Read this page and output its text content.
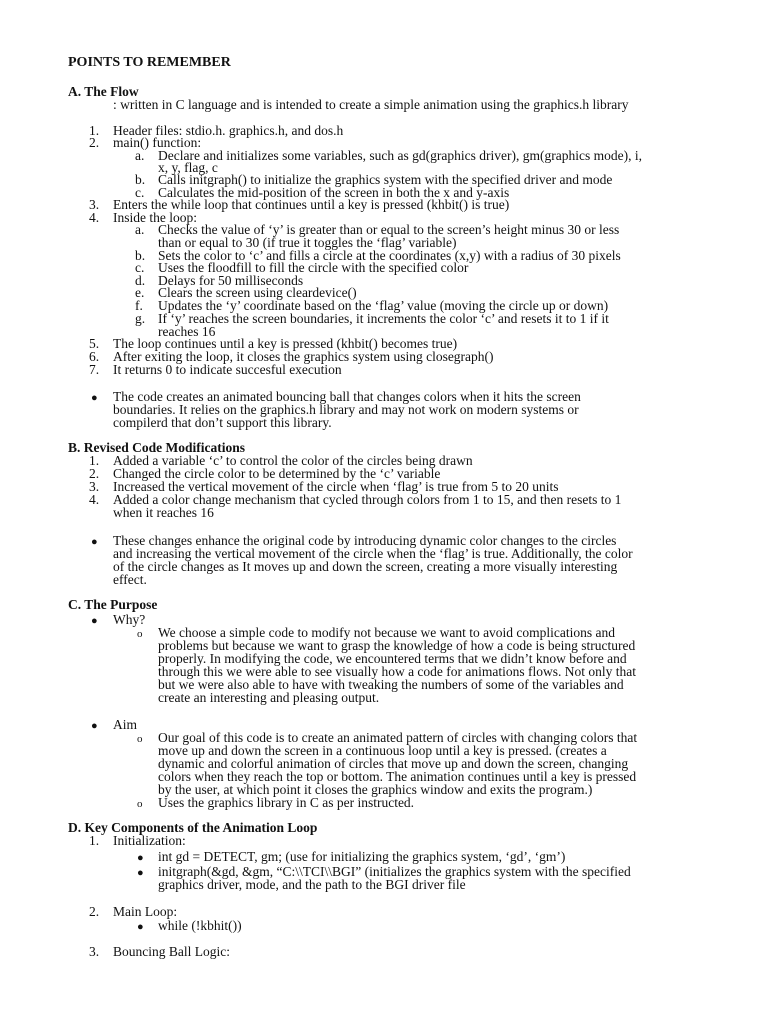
POINTS TO REMEMBER
A. The Flow
: written in C language and is intended to create a simple animation using the graphics.h library
1. Header files: stdio.h. graphics.h, and dos.h
2. main() function:
a. Declare and initializes some variables, such as gd(graphics driver), gm(graphics mode), i,
x, y, flag, c
b. Calls initgraph() to initialize the graphics system with the specified driver and mode
c. Calculates the mid-position of the screen in both the x and y-axis
3. Enters the while loop that continues until a key is pressed (khbit() is true)
4. Inside the loop:
a. Checks the value of ‘y’ is greater than or equal to the screen’s height minus 30 or less
than or equal to 30 (if true it toggles the ‘flag’ variable)
b. Sets the color to ‘c’ and fills a circle at the coordinates (x,y) with a radius of 30 pixels
c. Uses the floodfill to fill the circle with the specified color
d. Delays for 50 milliseconds
e. Clears the screen using cleardevice()
f. Updates the ‘y’ coordinate based on the ‘flag’ value (moving the circle up or down)
g. If ‘y’ reaches the screen boundaries, it increments the color ‘c’ and resets it to 1 if it
reaches 16
5. The loop continues until a key is pressed (khbit() becomes true)
6. After exiting the loop, it closes the graphics system using closegraph()
7. It returns 0 to indicate succesful execution
● The code creates an animated bouncing ball that changes colors when it hits the screen
boundaries. It relies on the graphics.h library and may not work on modern systems or
compilerd that don’t support this library.
B. Revised Code Modifications
1. Added a variable ‘c’ to control the color of the circles being drawn
2. Changed the circle color to be determined by the ‘c’ variable
3. Increased the vertical movement of the circle when ‘flag’ is true from 5 to 20 units
4. Added a color change mechanism that cycled through colors from 1 to 15, and then resets to 1
when it reaches 16
● These changes enhance the original code by introducing dynamic color changes to the circles
and increasing the vertical movement of the circle when the ‘flag’ is true. Additionally, the color
of the circle changes as It moves up and down the screen, creating a more visually interesting
effect.
C. The Purpose
● Why?
o We choose a simple code to modify not because we want to avoid complications and
problems but because we want to grasp the knowledge of how a code is being structured
properly. In modifying the code, we encountered terms that we didn’t know before and
through this we were able to see visually how a code for animations flows. Not only that
but we were also able to have with tweaking the numbers of some of the variables and
create an interesting and pleasing output.
● Aim
o Our goal of this code is to create an animated pattern of circles with changing colors that
move up and down the screen in a continuous loop until a key is pressed. (creates a
dynamic and colorful animation of circles that move up and down the screen, changing
colors when they reach the top or bottom. The animation continues until a key is pressed
by the user, at which point it closes the graphics window and exits the program.)
o Uses the graphics library in C as per instructed.
D. Key Components of the Animation Loop
1. Initialization:
● int gd = DETECT, gm; (use for initializing the graphics system, ‘gd’, ‘gm’)
● initgraph(&gd, &gm, “C:\\TCI\\BGI” (initializes the graphics system with the specified
graphics driver, mode, and the path to the BGI driver file
2. Main Loop:
● while (!kbhit())
3. Bouncing Ball Logic:
